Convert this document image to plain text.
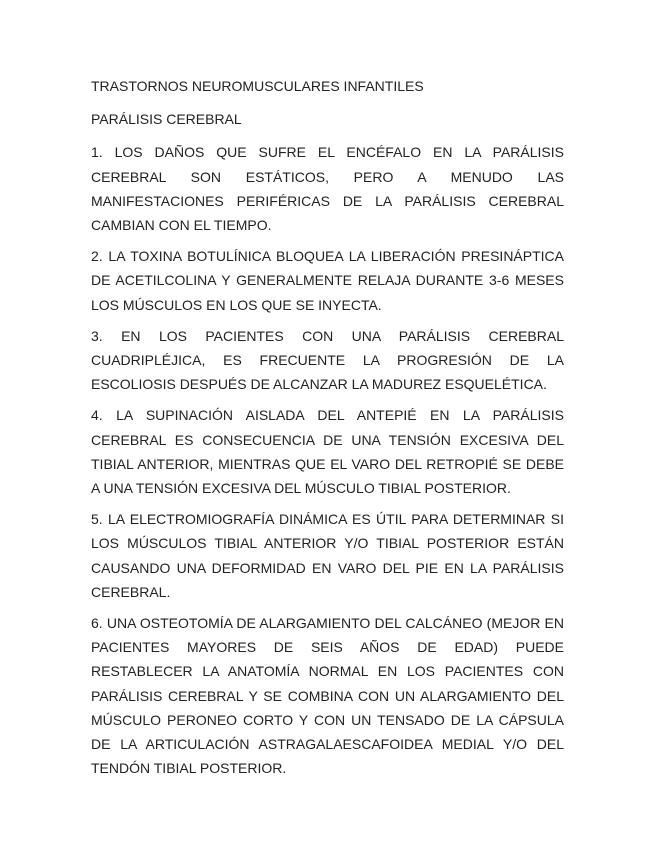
TRASTORNOS NEUROMUSCULARES INFANTILES

PARÁLISIS CEREBRAL

1. LOS DAÑOS QUE SUFRE EL ENCÉFALO EN LA PARÁLISIS CEREBRAL SON ESTÁTICOS, PERO A MENUDO LAS MANIFESTACIONES PERIFÉRICAS DE LA PARÁLISIS CEREBRAL CAMBIAN CON EL TIEMPO.

2. LA TOXINA BOTULÍNICA BLOQUEA LA LIBERACIÓN PRESINÁPTICA DE ACETILCOLINA Y GENERALMENTE RELAJA DURANTE 3-6 MESES LOS MÚSCULOS EN LOS QUE SE INYECTA.

3. EN LOS PACIENTES CON UNA PARÁLISIS CEREBRAL CUADRIPLÉJICA, ES FRECUENTE LA PROGRESIÓN DE LA ESCOLIOSIS DESPUÉS DE ALCANZAR LA MADUREZ ESQUELÉTICA.

4. LA SUPINACIÓN AISLADA DEL ANTEPIÉ EN LA PARÁLISIS CEREBRAL ES CONSECUENCIA DE UNA TENSIÓN EXCESIVA DEL TIBIAL ANTERIOR, MIENTRAS QUE EL VARO DEL RETROPIÉ SE DEBE A UNA TENSIÓN EXCESIVA DEL MÚSCULO TIBIAL POSTERIOR.

5. LA ELECTROMIOGRAFÍA DINÁMICA ES ÚTIL PARA DETERMINAR SI LOS MÚSCULOS TIBIAL ANTERIOR Y/O TIBIAL POSTERIOR ESTÁN CAUSANDO UNA DEFORMIDAD EN VARO DEL PIE EN LA PARÁLISIS CEREBRAL.

6. UNA OSTEOTOMÍA DE ALARGAMIENTO DEL CALCÁNEO (MEJOR EN PACIENTES MAYORES DE SEIS AÑOS DE EDAD) PUEDE RESTABLECER LA ANATOMÍA NORMAL EN LOS PACIENTES CON PARÁLISIS CEREBRAL Y SE COMBINA CON UN ALARGAMIENTO DEL MÚSCULO PERONEO CORTO Y CON UN TENSADO DE LA CÁPSULA DE LA ARTICULACIÓN ASTRAGALAESCAFOIDEA MEDIAL Y/O DEL TENDÓN TIBIAL POSTERIOR.
